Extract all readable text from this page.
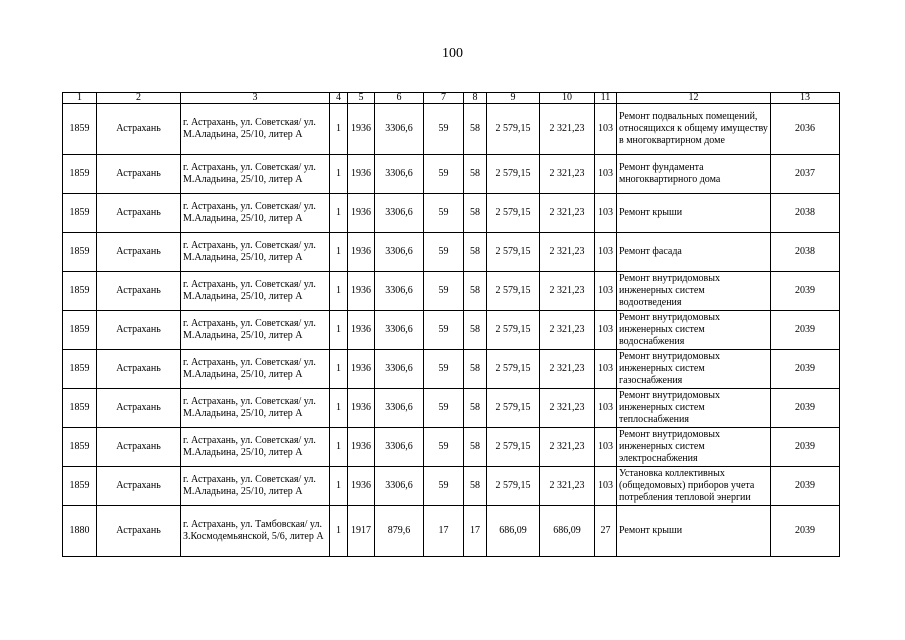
100
1	2	3	4	5	6	7	8	9	10	11	12	13
1859	Астрахань	г. Астрахань, ул. Советская/ ул. М.Аладьина, 25/10, литер А	1	1936	3306,6	59	58	2 579,15	2 321,23	103	Ремонт подвальных помещений, относящихся к общему имуществу в многоквартирном доме	2036
1859	Астрахань	г. Астрахань, ул. Советская/ ул. М.Аладьина, 25/10, литер А	1	1936	3306,6	59	58	2 579,15	2 321,23	103	Ремонт фундамента многоквартирного дома	2037
1859	Астрахань	г. Астрахань, ул. Советская/ ул. М.Аладьина, 25/10, литер А	1	1936	3306,6	59	58	2 579,15	2 321,23	103	Ремонт крыши	2038
1859	Астрахань	г. Астрахань, ул. Советская/ ул. М.Аладьина, 25/10, литер А	1	1936	3306,6	59	58	2 579,15	2 321,23	103	Ремонт фасада	2038
1859	Астрахань	г. Астрахань, ул. Советская/ ул. М.Аладьина, 25/10, литер А	1	1936	3306,6	59	58	2 579,15	2 321,23	103	Ремонт внутридомовых инженерных систем водоотведения	2039
1859	Астрахань	г. Астрахань, ул. Советская/ ул. М.Аладьина, 25/10, литер А	1	1936	3306,6	59	58	2 579,15	2 321,23	103	Ремонт внутридомовых инженерных систем водоснабжения	2039
1859	Астрахань	г. Астрахань, ул. Советская/ ул. М.Аладьина, 25/10, литер А	1	1936	3306,6	59	58	2 579,15	2 321,23	103	Ремонт внутридомовых инженерных систем газоснабжения	2039
1859	Астрахань	г. Астрахань, ул. Советская/ ул. М.Аладьина, 25/10, литер А	1	1936	3306,6	59	58	2 579,15	2 321,23	103	Ремонт внутридомовых инженерных систем теплоснабжения	2039
1859	Астрахань	г. Астрахань, ул. Советская/ ул. М.Аладьина, 25/10, литер А	1	1936	3306,6	59	58	2 579,15	2 321,23	103	Ремонт внутридомовых инженерных систем электроснабжения	2039
1859	Астрахань	г. Астрахань, ул. Советская/ ул. М.Аладьина, 25/10, литер А	1	1936	3306,6	59	58	2 579,15	2 321,23	103	Установка коллективных (общедомовых) приборов учета потребления тепловой энергии	2039
1880	Астрахань	г. Астрахань, ул. Тамбовская/ ул. З.Космодемьянской, 5/6, литер А	1	1917	879,6	17	17	686,09	686,09	27	Ремонт крыши	2039
